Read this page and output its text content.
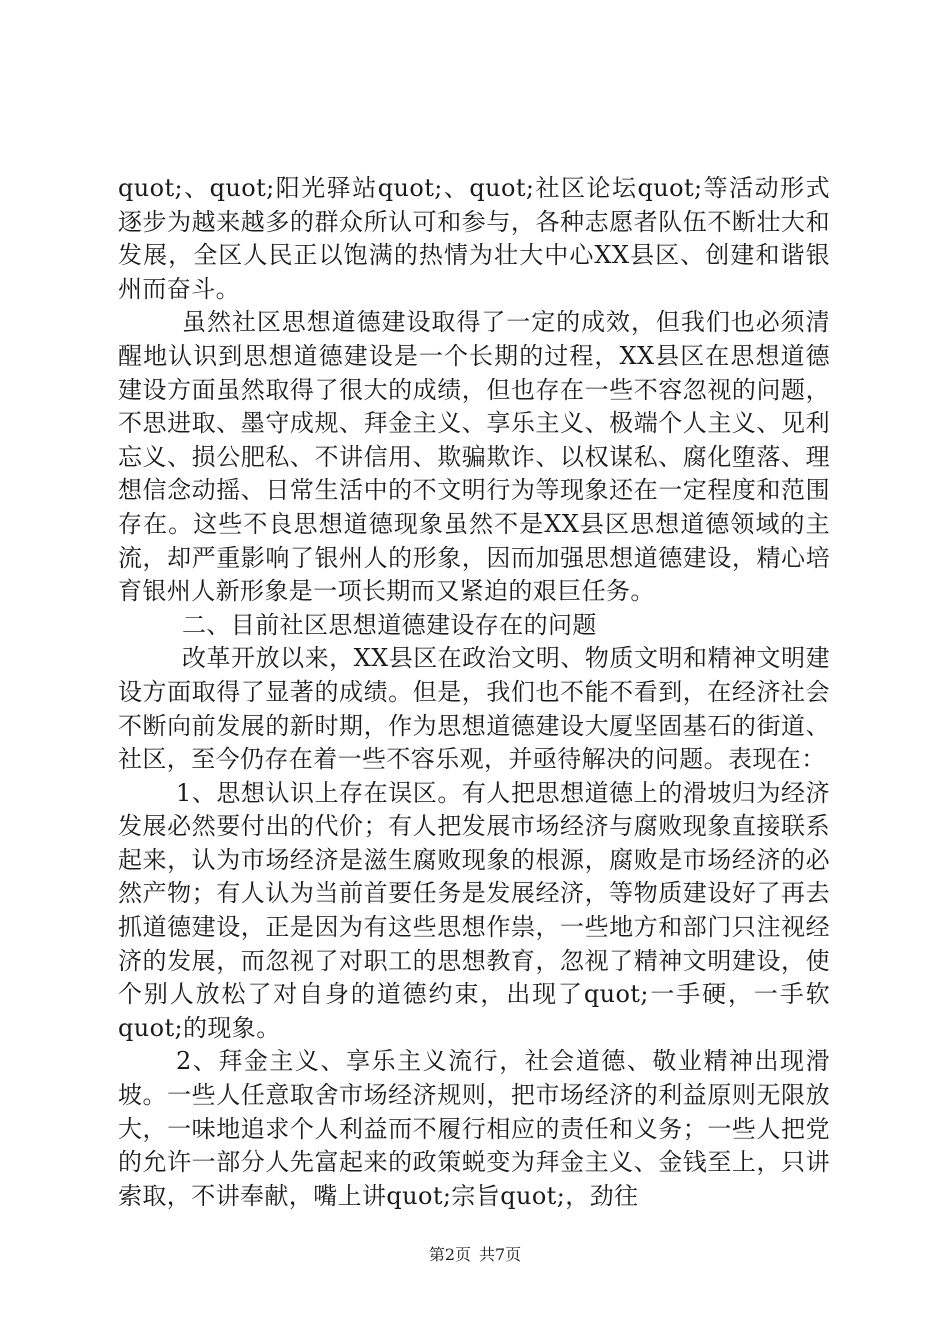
quot;、quot;阳光驿站quot;、quot;社区论坛quot;等活动形式逐步为越来越多的群众所认可和参与，各种志愿者队伍不断壮大和发展，全区人民正以饱满的热情为壮大中心XX县区、创建和谐银州而奋斗。

虽然社区思想道德建设取得了一定的成效，但我们也必须清醒地认识到思想道德建设是一个长期的过程，XX县区在思想道德建设方面虽然取得了很大的成绩，但也存在一些不容忽视的问题，不思进取、墨守成规、拜金主义、享乐主义、极端个人主义、见利忘义、损公肥私、不讲信用、欺骗欺诈、以权谋私、腐化堕落、理想信念动摇、日常生活中的不文明行为等现象还在一定程度和范围存在。这些不良思想道德现象虽然不是XX县区思想道德领域的主流，却严重影响了银州人的形象，因而加强思想道德建设，精心培育银州人新形象是一项长期而又紧迫的艰巨任务。

二、目前社区思想道德建设存在的问题

改革开放以来，XX县区在政治文明、物质文明和精神文明建设方面取得了显著的成绩。但是，我们也不能不看到，在经济社会不断向前发展的新时期，作为思想道德建设大厦坚固基石的街道、社区，至今仍存在着一些不容乐观，并亟待解决的问题。表现在：

1、思想认识上存在误区。有人把思想道德上的滑坡归为经济发展必然要付出的代价；有人把发展市场经济与腐败现象直接联系起来，认为市场经济是滋生腐败现象的根源，腐败是市场经济的必然产物；有人认为当前首要任务是发展经济，等物质建设好了再去抓道德建设，正是因为有这些思想作祟，一些地方和部门只注视经济的发展，而忽视了对职工的思想教育，忽视了精神文明建设，使个别人放松了对自身的道德约束，出现了quot;一手硬，一手软quot;的现象。

2、拜金主义、享乐主义流行，社会道德、敬业精神出现滑坡。一些人任意取舍市场经济规则，把市场经济的利益原则无限放大，一味地追求个人利益而不履行相应的责任和义务；一些人把党的允许一部分人先富起来的政策蜕变为拜金主义、金钱至上，只讲索取，不讲奉献，嘴上讲quot;宗旨quot;，劲往

第2页 共7页
